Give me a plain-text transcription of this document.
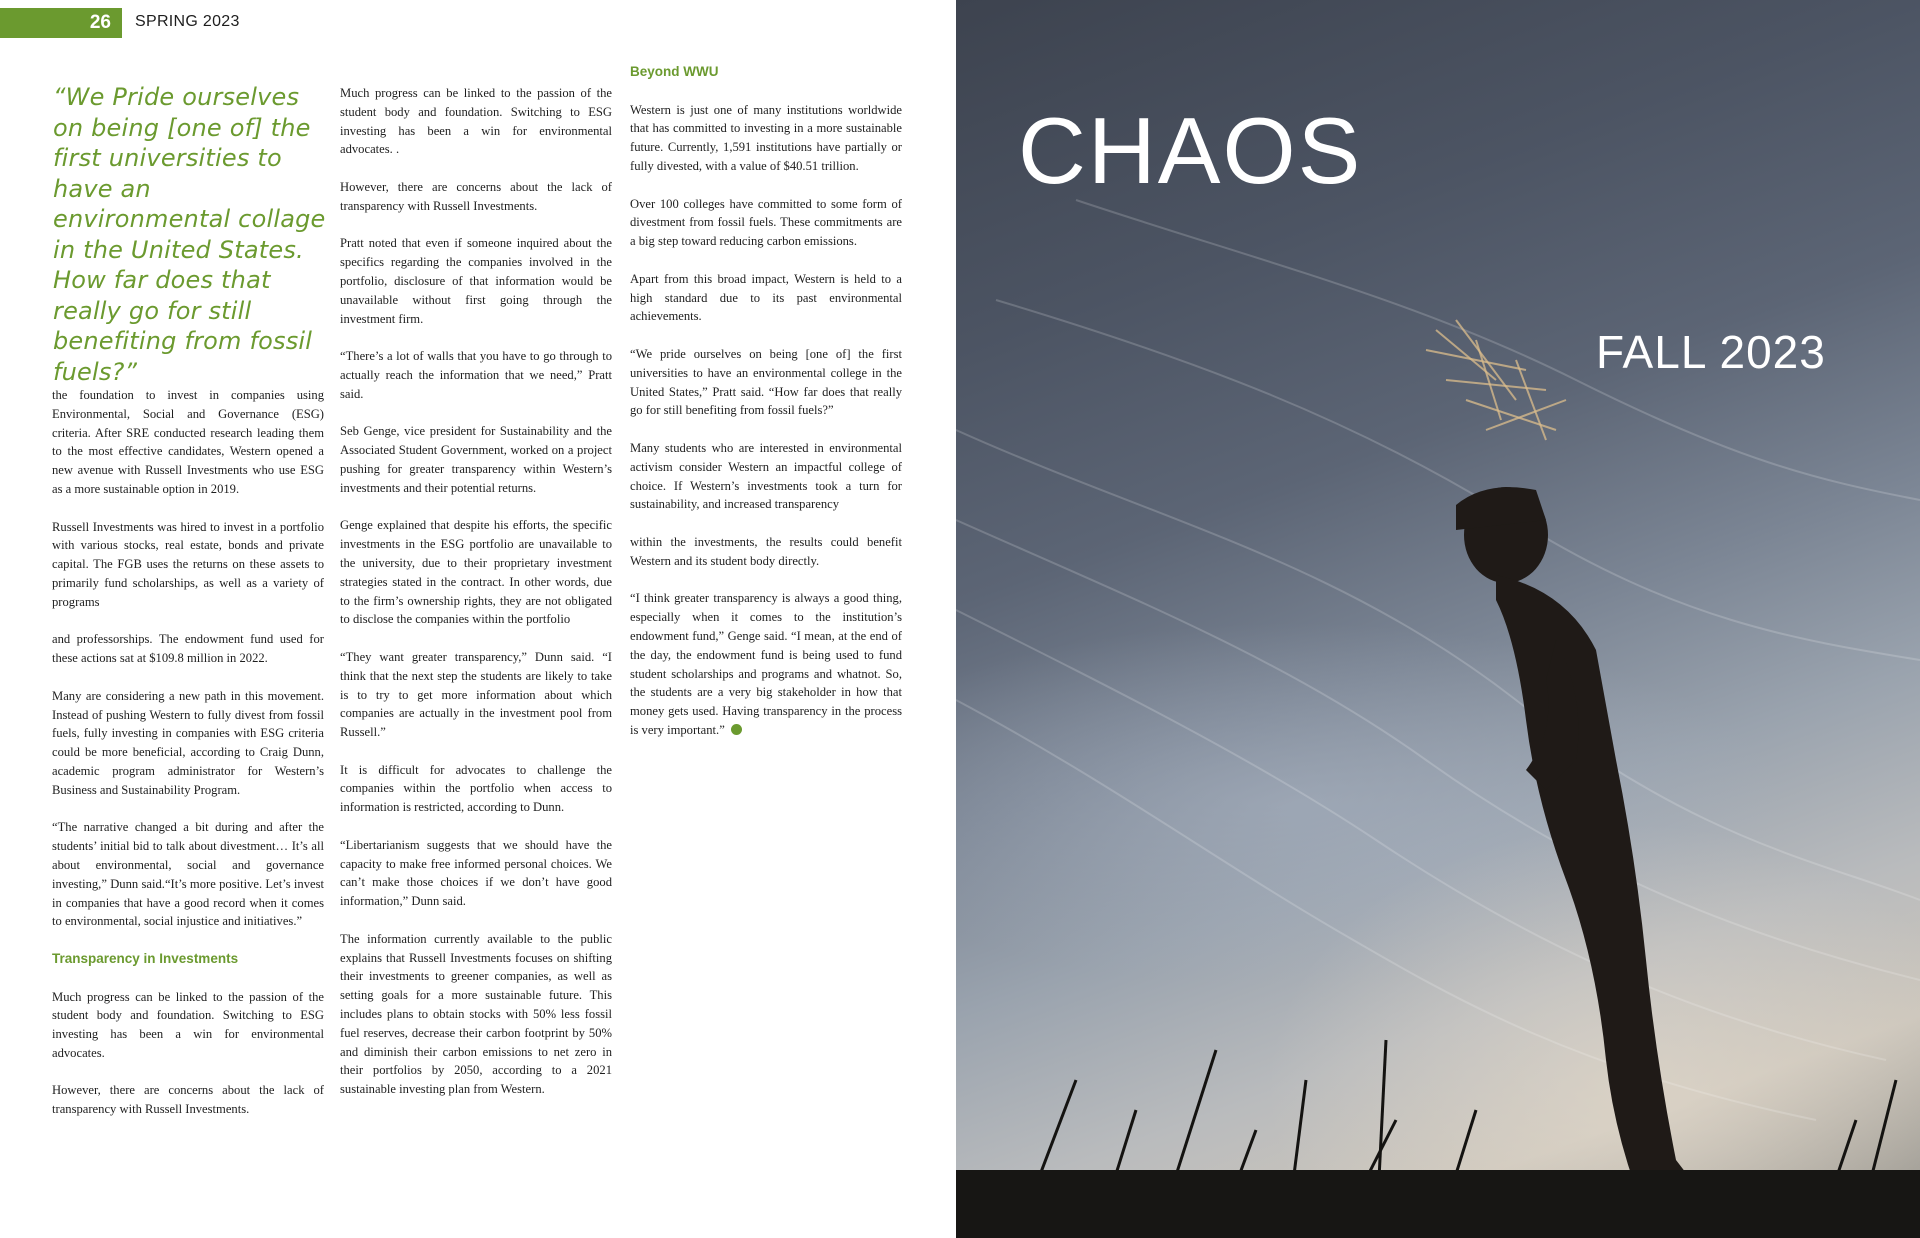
26	SPRING 2023
“We Pride ourselves on being [one of] the first universities to have an environmental collage in the United States. How far does that really go for still benefiting from fossil fuels?”

the foundation to invest in companies using Environmental, Social and Governance (ESG) criteria. After SRE conducted research leading them to the most effective candidates, Western opened a new avenue with Russell Investments who use ESG as a more sustainable option in 2019.

Russell Investments was hired to invest in a portfolio with various stocks, real estate, bonds and private capital. The FGB uses the returns on these assets to primarily fund scholarships, as well as a variety of programs

and professorships. The endowment fund used for these actions sat at $109.8 million in 2022.

Many are considering a new path in this movement. Instead of pushing Western to fully divest from fossil fuels, fully investing in companies with ESG criteria could be more beneficial, according to Craig Dunn, academic program administrator for Western’s Business and Sustainability Program.

“The narrative changed a bit during and after the students’ initial bid to talk about divestment… It’s all about environmental, social and governance investing,” Dunn said.“It’s more positive. Let’s invest in companies that have a good record when it comes to environmental, social injustice and initiatives.”

Transparency in Investments

Much progress can be linked to the passion of the student body and foundation. Switching to ESG investing has been a win for environmental advocates.

However, there are concerns about the lack of transparency with Russell Investments.

Much progress can be linked to the passion of the student body and foundation. Switching to ESG investing has been a win for environmental advocates. .

However, there are concerns about the lack of transparency with Russell Investments.

Pratt noted that even if someone inquired about the specifics regarding the companies involved in the portfolio, disclosure of that information would be unavailable without first going through the investment firm.

“There’s a lot of walls that you have to go through to actually reach the information that we need,” Pratt said.

Seb Genge, vice president for Sustainability and the Associated Student Government, worked on a project pushing for greater transparency within Western’s investments and their potential returns.

Genge explained that despite his efforts, the specific investments in the ESG portfolio are unavailable to the university, due to their proprietary investment strategies stated in the contract. In other words, due to the firm’s ownership rights, they are not obligated to disclose the companies within the portfolio

“They want greater transparency,” Dunn said. “I think that the next step the students are likely to take is to try to get more information about which companies are actually in the investment pool from Russell.”

It is difficult for advocates to challenge the companies within the portfolio when access to information is restricted, according to Dunn.

“Libertarianism suggests that we should have the capacity to make free informed personal choices. We can’t make those choices if we don’t have good information,” Dunn said.

The information currently available to the public explains that Russell Investments focuses on shifting their investments to greener companies, as well as setting goals for a more sustainable future. This includes plans to obtain stocks with 50% less fossil fuel reserves, decrease their carbon footprint by 50% and diminish their carbon emissions to net zero in their portfolios by 2050, according to a 2021 sustainable investing plan from Western.

Beyond WWU

Western is just one of many institutions worldwide that has committed to investing in a more sustainable future. Currently, 1,591 institutions have partially or fully divested, with a value of $40.51 trillion.

Over 100 colleges have committed to some form of divestment from fossil fuels. These commitments are a big step toward reducing carbon emissions.

Apart from this broad impact, Western is held to a high standard due to its past environmental achievements.

“We pride ourselves on being [one of] the first universities to have an environmental college in the United States,” Pratt said. “How far does that really go for still benefiting from fossil fuels?”

Many students who are interested in environmental activism consider Western an impactful college of choice. If Western’s investments took a turn for sustainability, and increased transparency

within the investments, the results could benefit Western and its student body directly.

“I think greater transparency is always a good thing, especially when it comes to the institution’s endowment fund,” Genge said. “I mean, at the end of the day, the endowment fund is being used to fund student scholarships and programs and whatnot. So, the students are a very big stakeholder in how that money gets used. Having transparency in the process is very important.”

CHAOS
FALL 2023
